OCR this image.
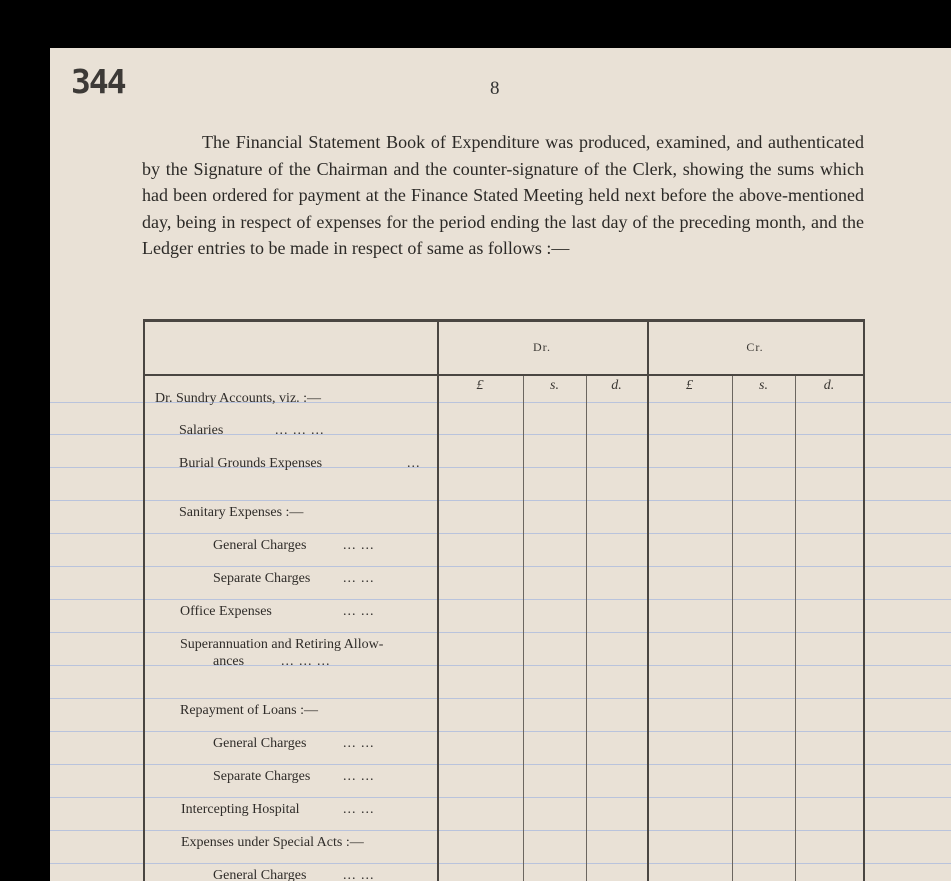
344	8
The Financial Statement Book of Expenditure was produced, examined, and authenticated by the Signature of the Chairman and the counter-signature of the Clerk, showing the sums which had been ordered for payment at the Finance Stated Meeting held next before the above-mentioned day, being in respect of expenses for the period ending the last day of the preceding month, and the Ledger entries to be made in respect of same as follows :—
Dr.	Cr.
£	s.	d.	£	s.	d.
Dr. Sundry Accounts, viz. :—
Salaries	... ... ...
Burial Grounds Expenses	...
Sanitary Expenses :—
General Charges	... ...
Separate Charges ... ...
Office Expenses	... ...
Superannuation and Retiring Allow-
ances	... ... ...
Repayment of Loans :—
General Charges	... ...
Separate Charges ... ...
Intercepting Hospital	... ...
Expenses under Special Acts :—
General Charges	... ...
